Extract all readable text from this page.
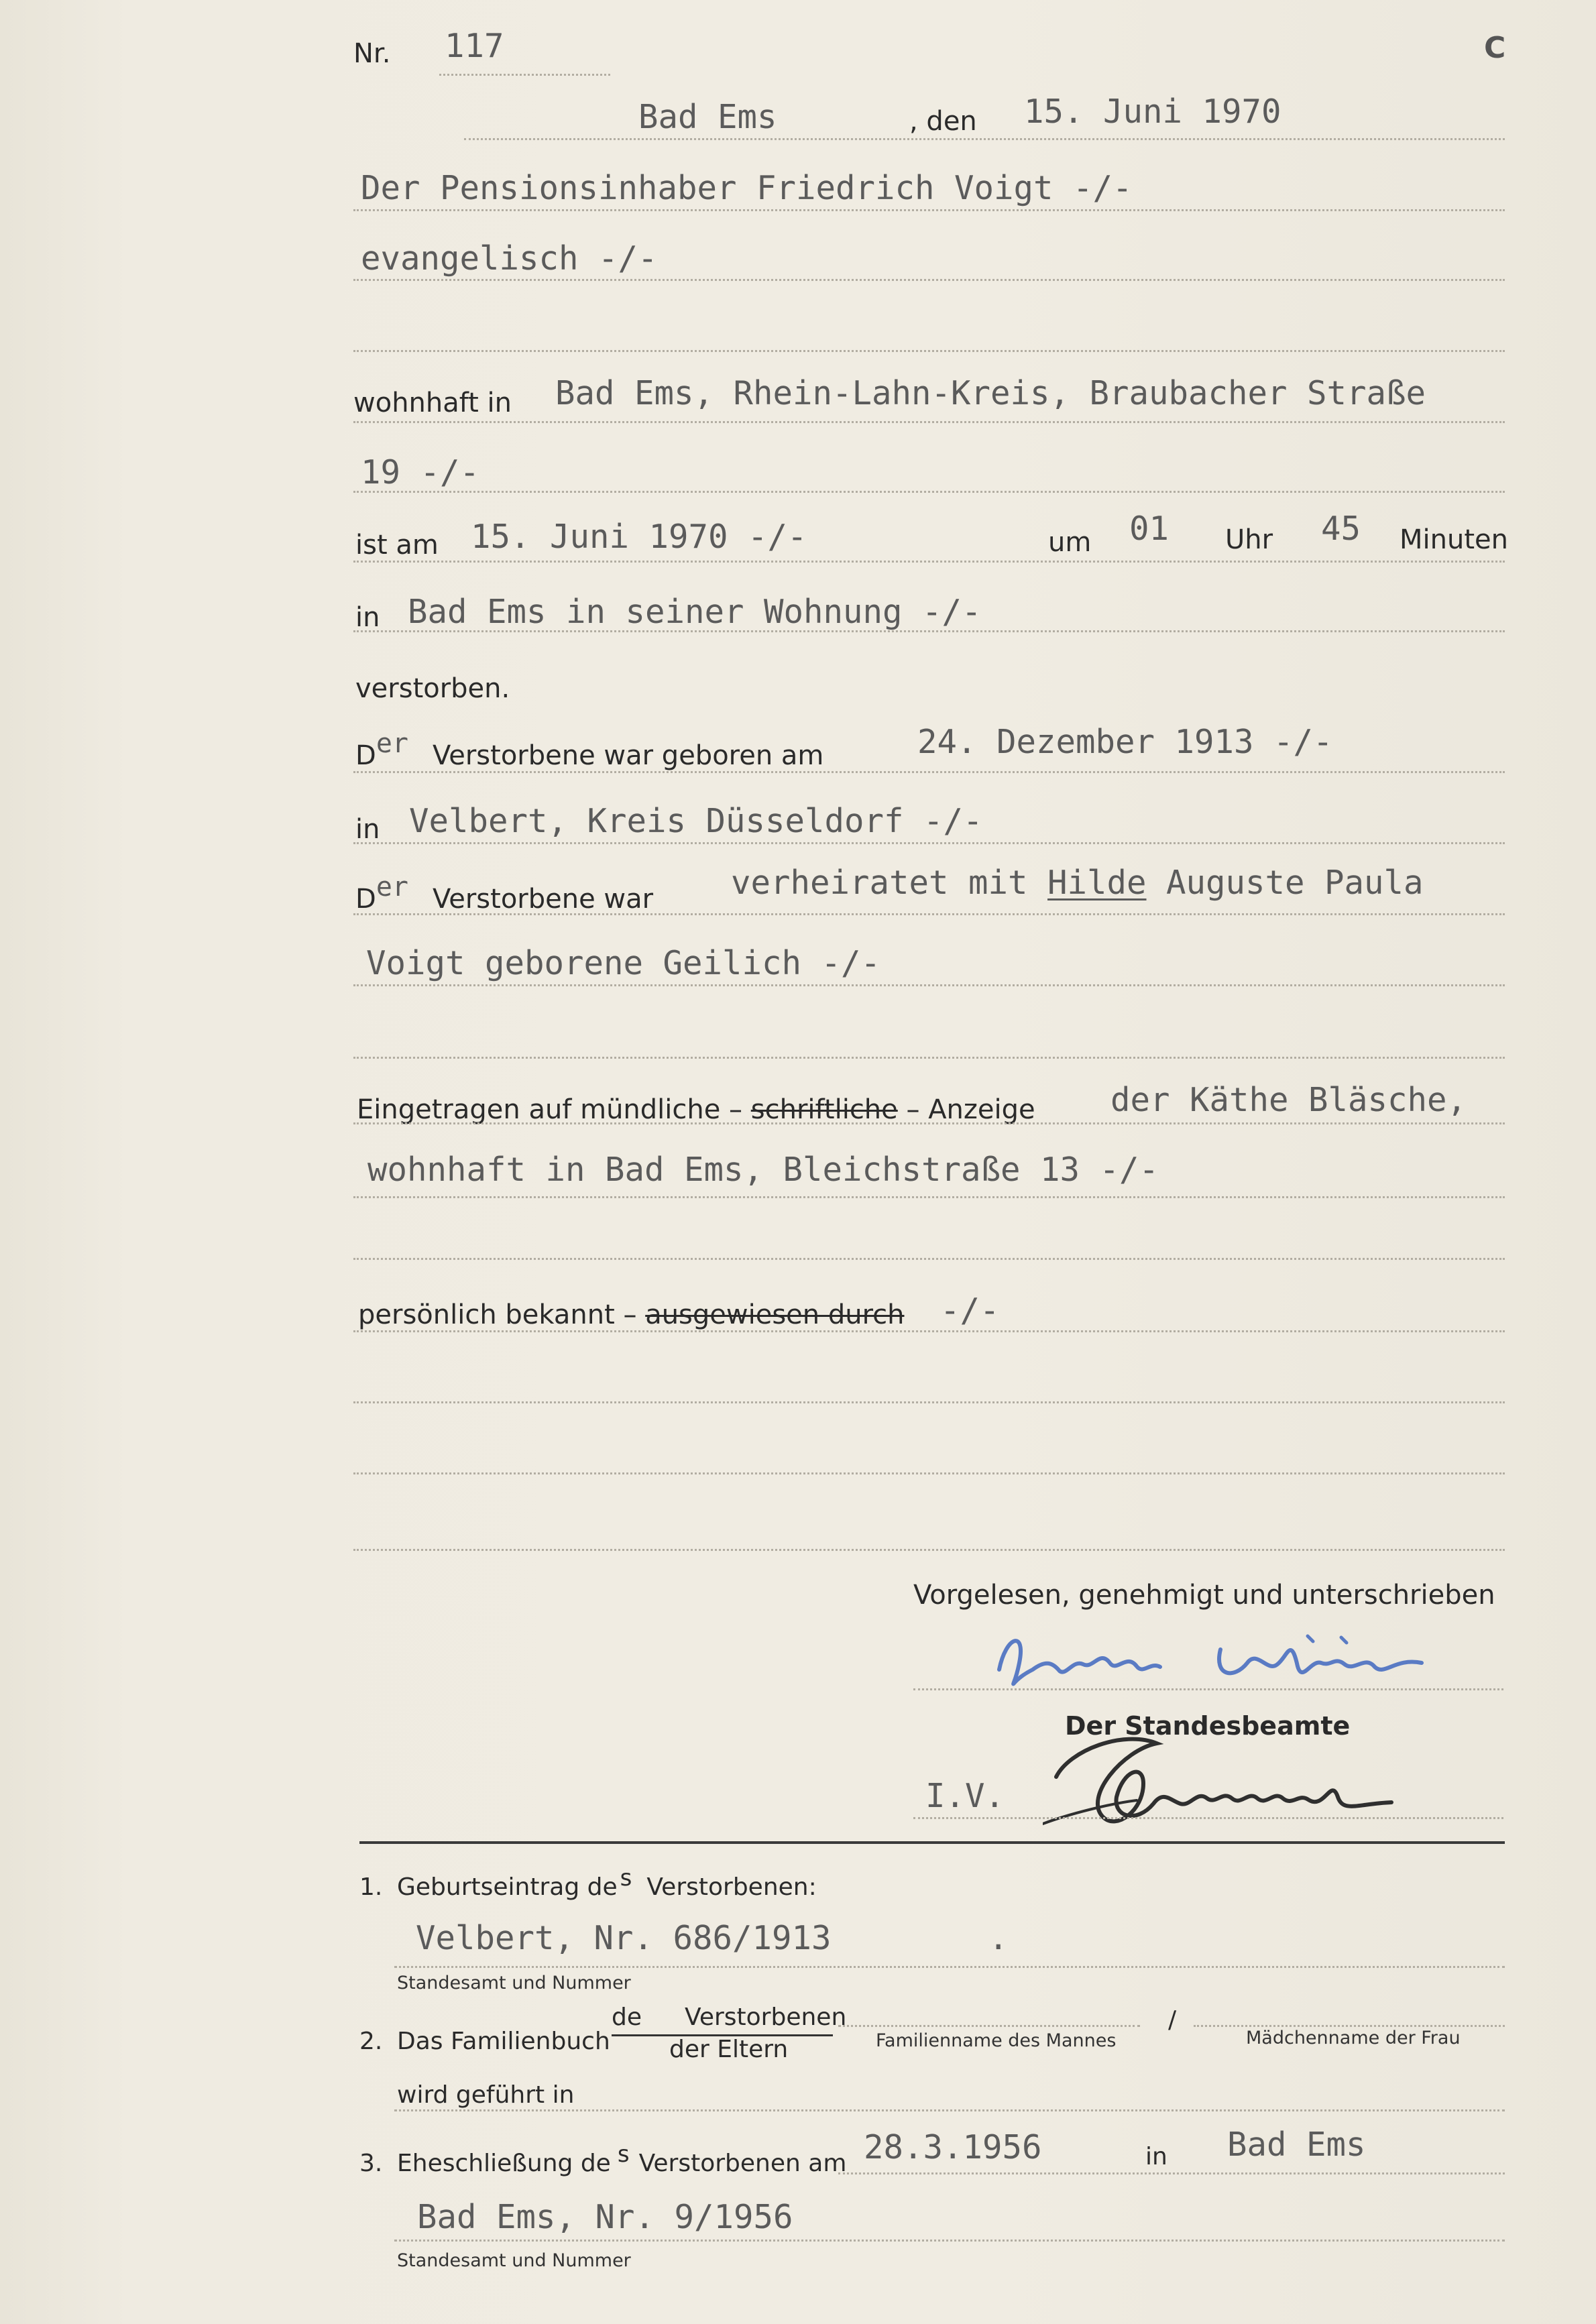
Nr. 117	C
Bad Ems	, den 15. Juni 1970
Der Pensionsinhaber Friedrich Voigt -/-
evangelisch -/-
wohnhaft in Bad Ems, Rhein-Lahn-Kreis, Braubacher Straße
19 -/-
ist am 15. Juni 1970 -/-	um 01 Uhr 45 Minuten
in Bad Ems in seiner Wohnung -/-
verstorben.
Der Verstorbene war geboren am	24. Dezember 1913 -/-
in Velbert, Kreis Düsseldorf -/-
Der Verstorbene war verheiratet mit Hilde Auguste Paula
Voigt geborene Geilich -/-
Eingetragen auf mündliche – schriftliche – Anzeige der Käthe Bläsche,
wohnhaft in Bad Ems, Bleichstraße 13 -/-
persönlich bekannt – ausgewiesen durch -/-
Vorgelesen, genehmigt und unterschrieben
Der Standesbeamte
I.V.
1. Geburtseintrag de s Verstorbenen:
Velbert, Nr. 686/1913	.
Standesamt und Nummer
2. Das Familienbuch
de Verstorbenen
der Eltern
/
Familienname des Mannes	Mädchenname der Frau
wird geführt in
3. Eheschließung de s Verstorbenen am 28.3.1956	in Bad Ems
Bad Ems, Nr. 9/1956
Standesamt und Nummer
